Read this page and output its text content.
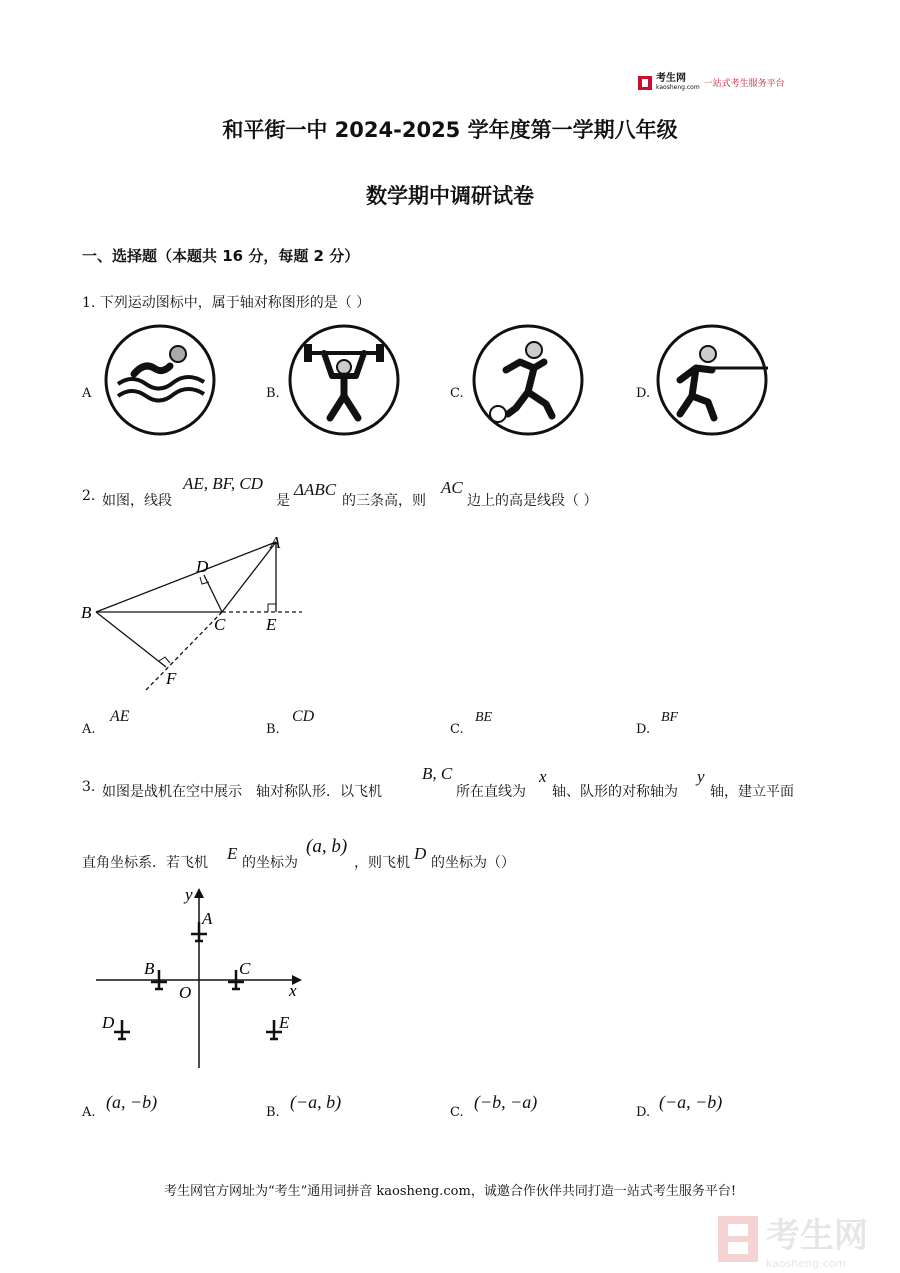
考生网
kaosheng.com 一站式考生服务平台
和平街一中 2024-2025 学年度第一学期八年级
数学期中调研试卷
一、选择题（本题共 16 分，每题 2 分）
1. 下列运动图标中，属于轴对称图形的是（ ）
A	B.	C.	D.
2. 如图，线段
AE, BF, CD
是
ΔABC
的三条高，则
AC
边上的高是线段（ ）
A
B
C
D
E
F
A.
AE
B.
CD
C.
BE
D.
BF
3. 如图是战机在空中展示　轴对称队形．以飞机
B, C
所在直线为
x
轴、队形的对称轴为
y
轴，建立平面
直角坐标系．若飞机 E 的坐标为
(a, b)
，则飞机 D 的坐标为（）
y
x
O
A
B	C
D	E
A.
(a, −b)
B.
(−a, b)
C.
(−b, −a)
D.
(−a, −b)
考生网官方网址为“考生”通用词拼音 kaosheng.com，诚邀合作伙伴共同打造一站式考生服务平台!
考生网
kaosheng.com
